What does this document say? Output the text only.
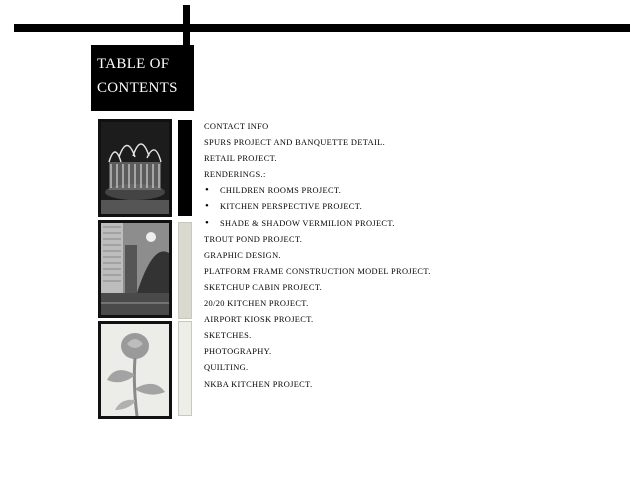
TABLE OF
CONTENTS
CONTACT INFO
SPURS PROJECT AND BANQUETTE DETAIL.
RETAIL PROJECT.
RENDERINGS.:
• CHILDREN ROOMS PROJECT.
• KITCHEN PERSPECTIVE PROJECT.
• SHADE & SHADOW VERMILION PROJECT.
TROUT POND PROJECT.
GRAPHIC DESIGN.
PLATFORM FRAME CONSTRUCTION MODEL PROJECT.
SKETCHUP CABIN PROJECT.
20/20 KITCHEN PROJECT.
AIRPORT KIOSK PROJECT.
SKETCHES.
PHOTOGRAPHY.
QUILTING.
NKBA KITCHEN PROJECT.
